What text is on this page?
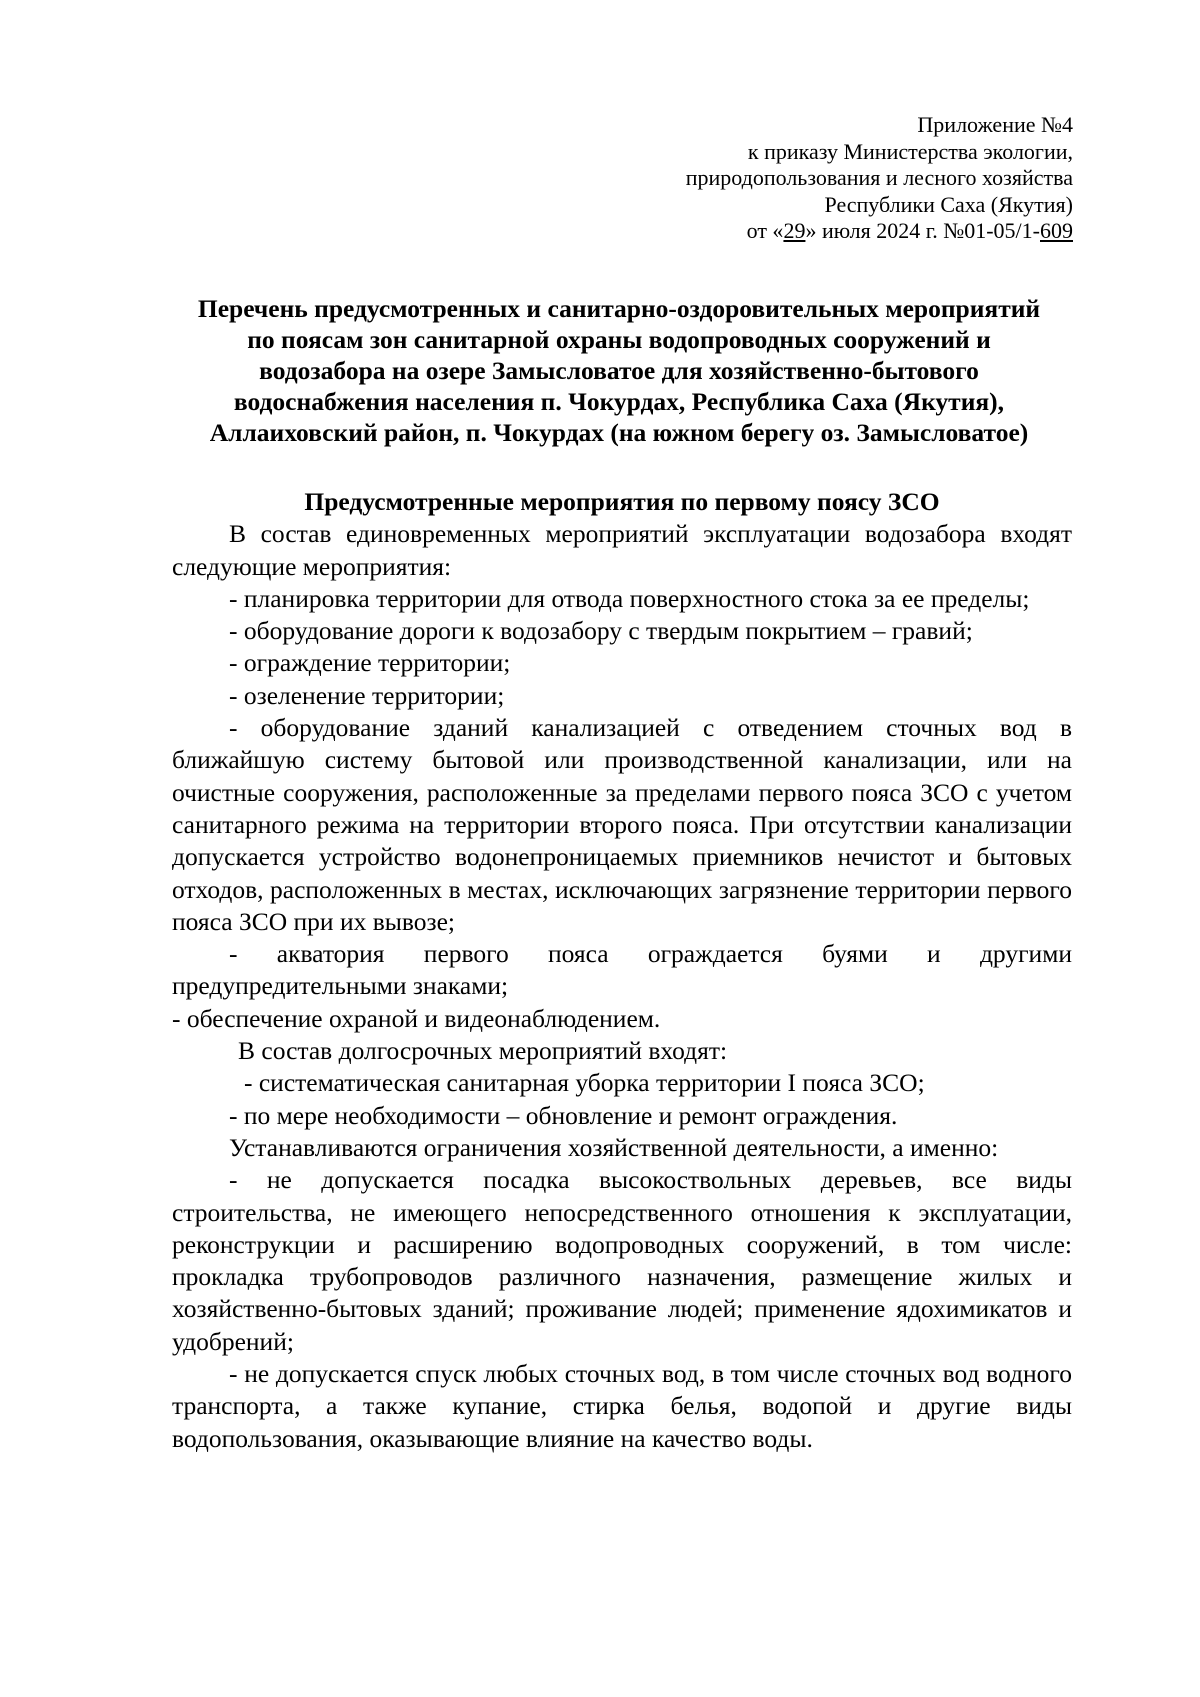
Приложение №4
к приказу Министерства экологии,
природопользования и лесного хозяйства
Республики Саха (Якутия)
от «29» июля 2024 г. №01-05/1-609
Перечень предусмотренных и санитарно-оздоровительных мероприятий
по поясам зон санитарной охраны водопроводных сооружений и
водозабора на озере Замысловатое для хозяйственно-бытового
водоснабжения населения п. Чокурдах, Республика Саха (Якутия),
Аллаиховский район, п. Чокурдах (на южном берегу оз. Замысловатое)

Предусмотренные мероприятия по первому поясу ЗСО

В состав единовременных мероприятий эксплуатации водозабора входят следующие мероприятия:

- планировка территории для отвода поверхностного стока за ее пределы;

- оборудование дороги к водозабору с твердым покрытием – гравий;

- ограждение территории;

- озеленение территории;

- оборудование зданий канализацией с отведением сточных вод в ближайшую систему бытовой или производственной канализации, или на очистные сооружения, расположенные за пределами первого пояса ЗСО с учетом санитарного режима на территории второго пояса. При отсутствии канализации допускается устройство водонепроницаемых приемников нечистот и бытовых отходов, расположенных в местах, исключающих загрязнение территории первого пояса ЗСО при их вывозе;

- акватория первого пояса ограждается буями и другими предупредительными знаками;

- обеспечение охраной и видеонаблюдением.

В состав долгосрочных мероприятий входят:

- систематическая санитарная уборка территории I пояса ЗСО;

- по мере необходимости – обновление и ремонт ограждения.

Устанавливаются ограничения хозяйственной деятельности, а именно:

- не допускается посадка высокоствольных деревьев, все виды строительства, не имеющего непосредственного отношения к эксплуатации, реконструкции и расширению водопроводных сооружений, в том числе: прокладка трубопроводов различного назначения, размещение жилых и хозяйственно-бытовых зданий; проживание людей; применение ядохимикатов и удобрений;

- не допускается спуск любых сточных вод, в том числе сточных вод водного транспорта, а также купание, стирка белья, водопой и другие виды водопользования, оказывающие влияние на качество воды.
